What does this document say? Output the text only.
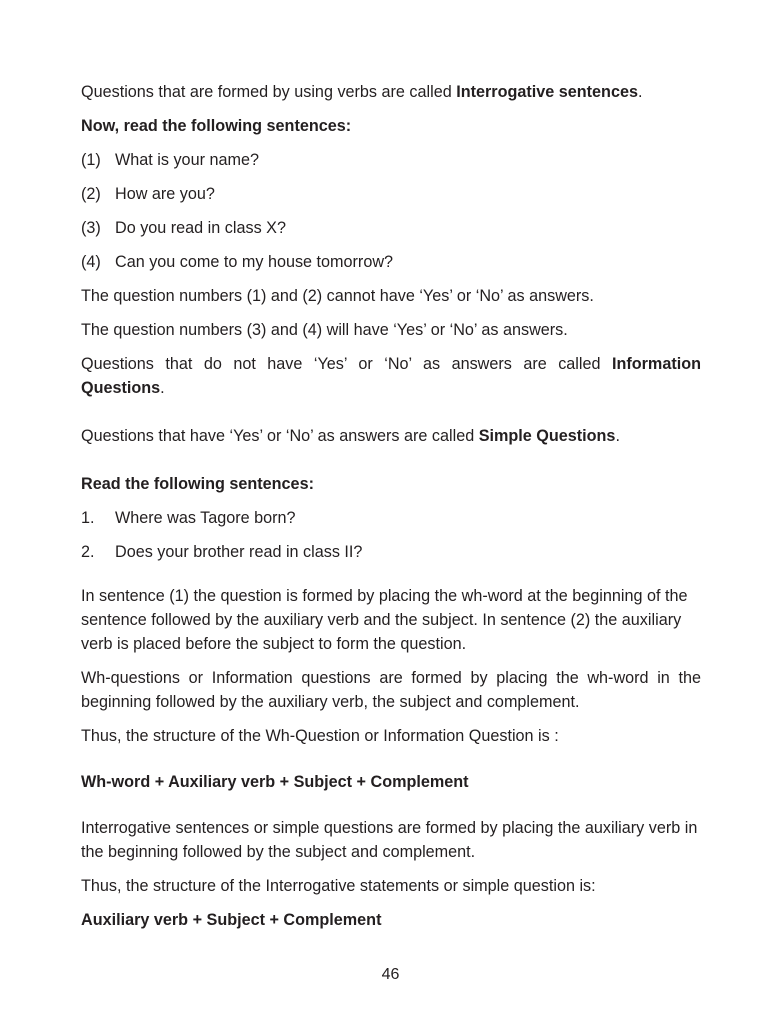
Questions that are formed by using verbs are called Interrogative sentences.

Now, read the following sentences:

(1) What is your name?
(2) How are you?
(3) Do you read in class X?
(4) Can you come to my house tomorrow?

The question numbers (1) and (2) cannot have ‘Yes’ or ‘No’ as answers.

The question numbers (3) and (4) will have ‘Yes’ or ‘No’ as answers.

Questions that do not have ‘Yes’ or ‘No’ as answers are called Information Questions.

Questions that have ‘Yes’ or ‘No’ as answers are called Simple Questions.

Read the following sentences:

1.	Where was Tagore born?
2.	Does your brother read in class II?

In sentence (1) the question is formed by placing the wh-word at the beginning of the sentence followed by the auxiliary verb and the subject. In sentence (2) the auxiliary verb is placed before the subject to form the question.

Wh-questions or Information questions are formed by placing the wh-word in the beginning followed by the auxiliary verb, the subject and complement.

Thus, the structure of the Wh-Question or Information Question is :

Wh-word + Auxiliary verb + Subject + Complement

Interrogative sentences or simple questions are formed by placing the auxiliary verb in the beginning followed by the subject and complement.

Thus, the structure of the Interrogative statements or simple question is:

Auxiliary verb + Subject + Complement

46
